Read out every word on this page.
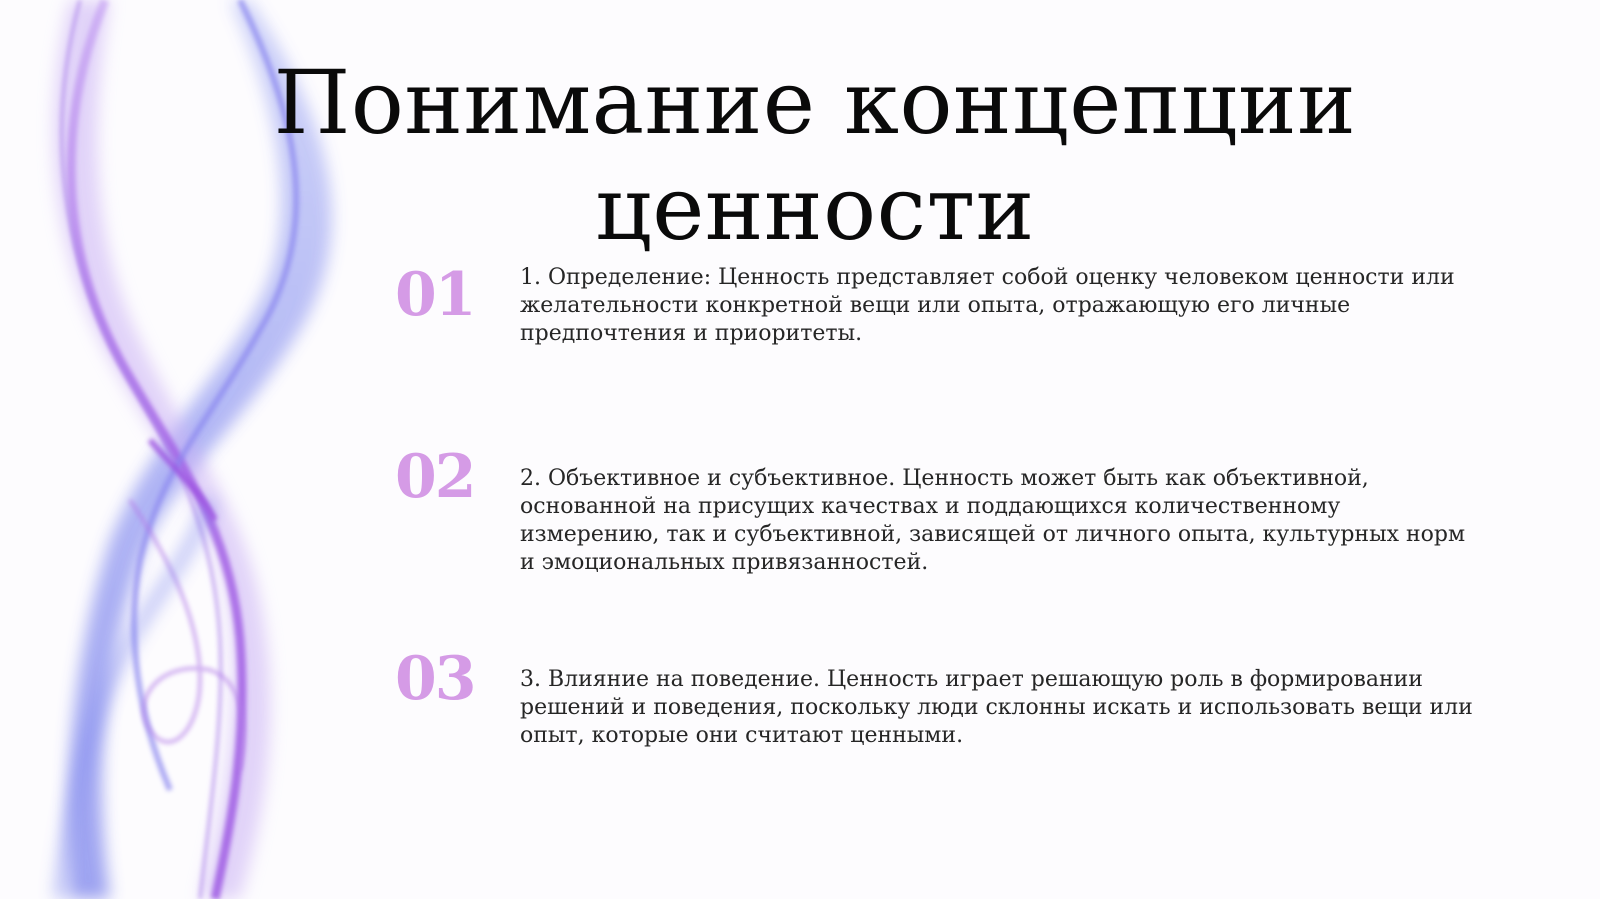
Понимание концепции ценности
01	1. Определение: Ценность представляет собой оценку человеком ценности или желательности конкретной вещи или опыта, отражающую его личные предпочтения и приоритеты.

02	2. Объективное и субъективное. Ценность может быть как объективной, основанной на присущих качествах и поддающихся количественному измерению, так и субъективной, зависящей от личного опыта, культурных норм и эмоциональных привязанностей.

03	3. Влияние на поведение. Ценность играет решающую роль в формировании решений и поведения, поскольку люди склонны искать и использовать вещи или опыт, которые они считают ценными.
